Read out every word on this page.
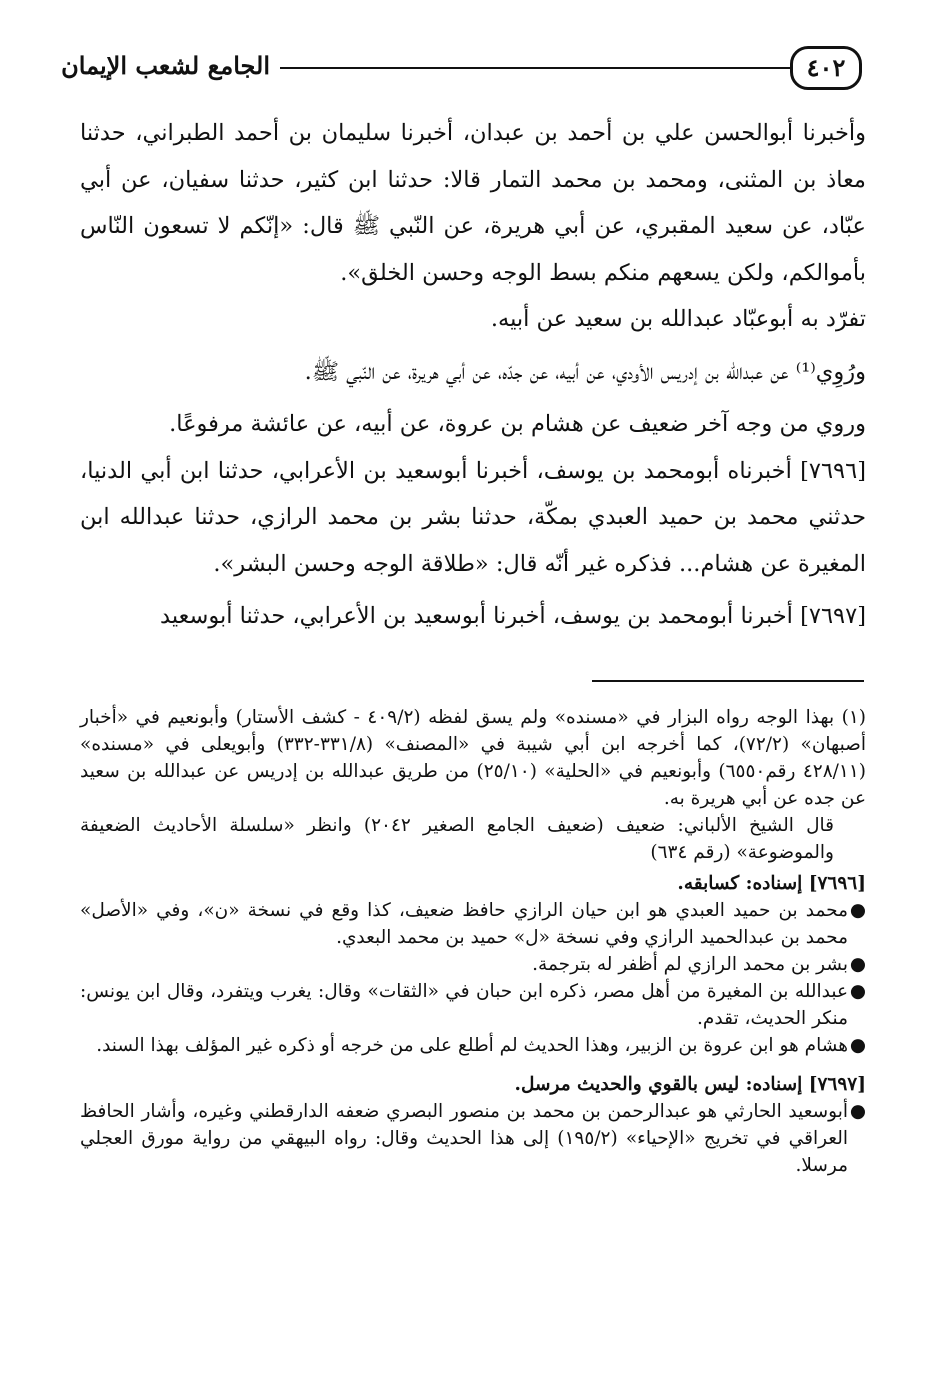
٤٠٢
الجامع لشعب الإيمان

وأخبرنا أبوالحسن علي بن أحمد بن عبدان، أخبرنا سليمان بن أحمد الطبراني، حدثنا معاذ بن المثنى، ومحمد بن محمد التمار قالا: حدثنا ابن كثير، حدثنا سفيان، عن أبي عبّاد، عن سعيد المقبري، عن أبي هريرة، عن النّبي ﷺ قال: «إنّكم لا تسعون النّاس بأموالكم، ولكن يسعهم منكم بسط الوجه وحسن الخلق».

تفرّد به أبوعبّاد عبدالله بن سعيد عن أبيه.

ورُوِي⁽¹⁾ عن عبدالله بن إدريس الأودي، عن أبيه، عن جدّه، عن أبي هريرة، عن النّبي ﷺ.

وروي من وجه آخر ضعيف عن هشام بن عروة، عن أبيه، عن عائشة مرفوعًا.

[٧٦٩٦] أخبرناه أبومحمد بن يوسف، أخبرنا أبوسعيد بن الأعرابي، حدثنا ابن أبي الدنيا، حدثني محمد بن حميد العبدي بمكّة، حدثنا بشر بن محمد الرازي، حدثنا عبدالله ابن المغيرة عن هشام... فذكره غير أنّه قال: «طلاقة الوجه وحسن البشر».

[٧٦٩٧] أخبرنا أبومحمد بن يوسف، أخبرنا أبوسعيد بن الأعرابي، حدثنا أبوسعيد

(١) بهذا الوجه رواه البزار في «مسنده» ولم يسق لفظه (٤٠٩/٢ - كشف الأستار) وأبونعيم في «أخبار أصبهان» (٧٢/٢)، كما أخرجه ابن أبي شيبة في «المصنف» (٣٣١/٨-٣٣٢) وأبويعلى في «مسنده» (٤٢٨/١١ رقم٦٥٥٠) وأبونعيم في «الحلية» (٢٥/١٠) من طريق عبدالله بن إدريس عن عبدالله بن سعيد عن جده عن أبي هريرة به.

قال الشيخ الألباني: ضعيف (ضعيف الجامع الصغير ٢٠٤٢) وانظر «سلسلة الأحاديث الضعيفة والموضوعة» (رقم ٦٣٤)

[٧٦٩٦] إسناده: كسابقه.

●
محمد بن حميد العبدي هو ابن حيان الرازي حافظ ضعيف، كذا وقع في نسخة «ن»، وفي «الأصل» محمد بن عبدالحميد الرازي وفي نسخة «ل» حميد بن محمد البعدي.

●
بشر بن محمد الرازي لم أظفر له بترجمة.

●
عبدالله بن المغيرة من أهل مصر، ذكره ابن حبان في «الثقات» وقال: يغرب ويتفرد، وقال ابن يونس: منكر الحديث، تقدم.

●
هشام هو ابن عروة بن الزبير، وهذا الحديث لم أطلع على من خرجه أو ذكره غير المؤلف بهذا السند.

[٧٦٩٧] إسناده: ليس بالقوي والحديث مرسل.

●
أبوسعيد الحارثي هو عبدالرحمن بن محمد بن منصور البصري ضعفه الدارقطني وغيره، وأشار الحافظ العراقي في تخريج «الإحياء» (١٩٥/٢) إلى هذا الحديث وقال: رواه البيهقي من رواية مورق العجلي مرسلا.
